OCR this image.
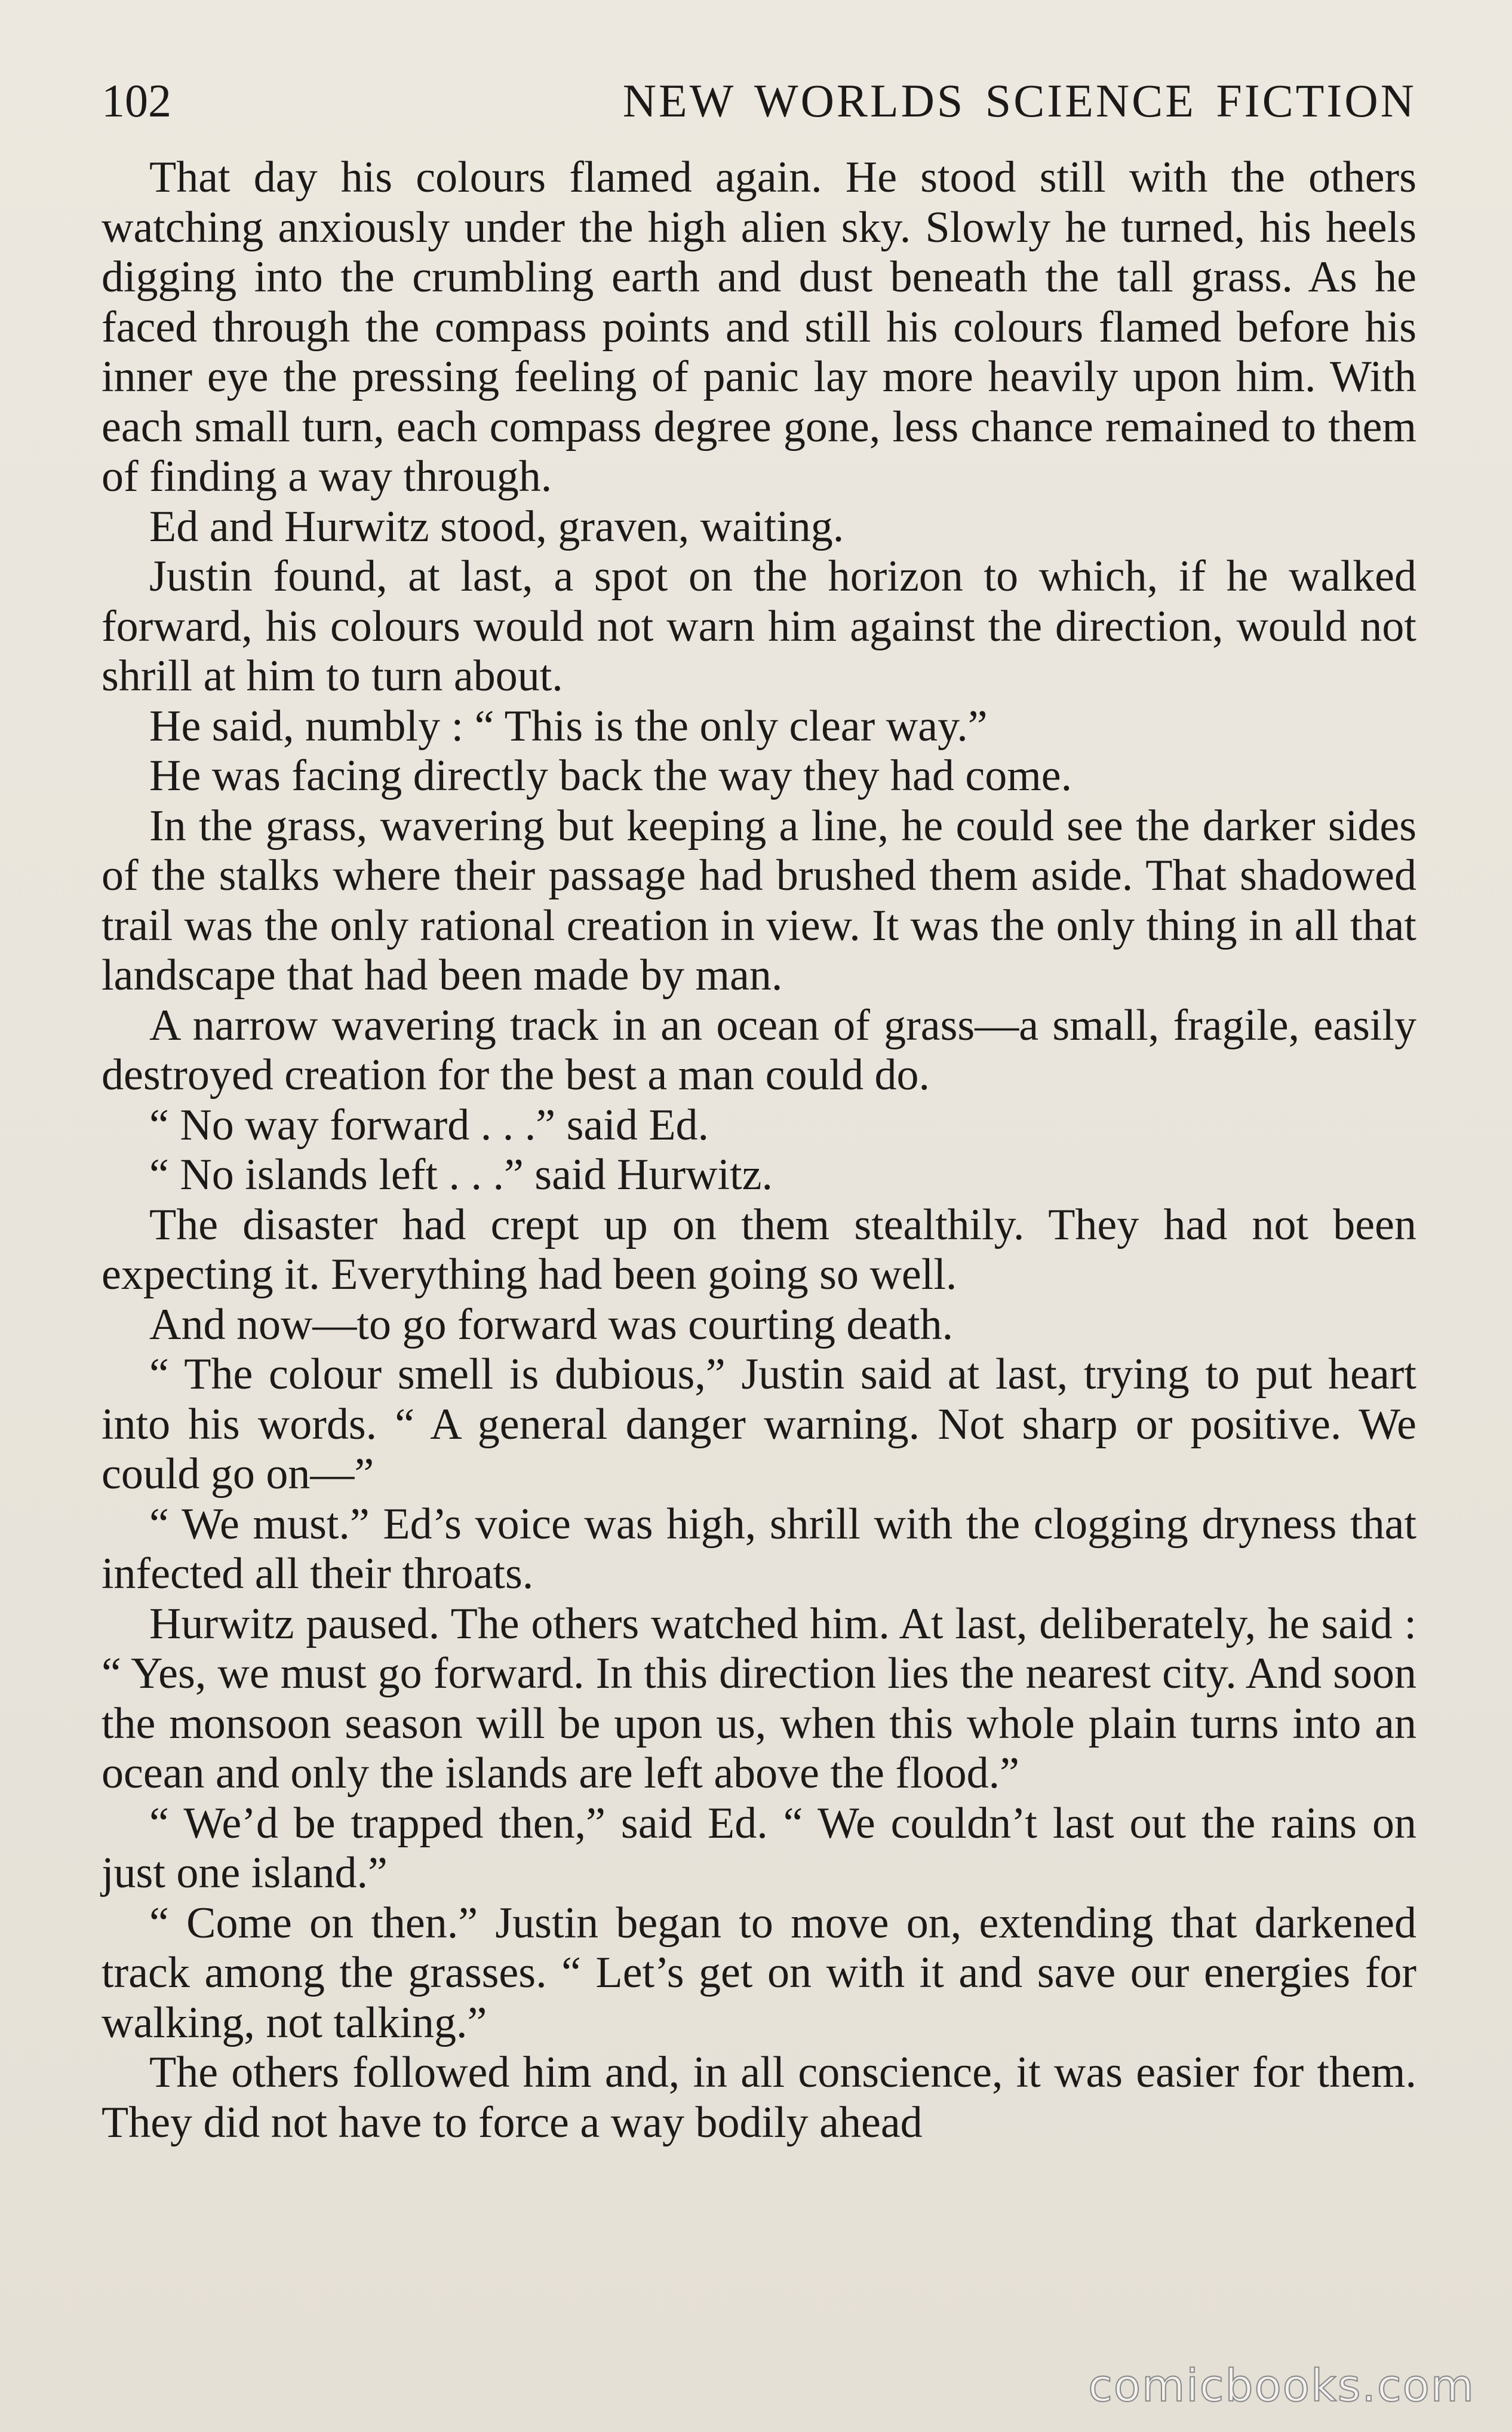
102	NEW WORLDS SCIENCE FICTION

That day his colours flamed again. He stood still with the others watching anxiously under the high alien sky. Slowly he turned, his heels digging into the crumbling earth and dust beneath the tall grass. As he faced through the compass points and still his colours flamed before his inner eye the pressing feeling of panic lay more heavily upon him. With each small turn, each compass degree gone, less chance remained to them of finding a way through.

Ed and Hurwitz stood, graven, waiting.

Justin found, at last, a spot on the horizon to which, if he walked forward, his colours would not warn him against the direction, would not shrill at him to turn about.

He said, numbly : “ This is the only clear way.”

He was facing directly back the way they had come.

In the grass, wavering but keeping a line, he could see the darker sides of the stalks where their passage had brushed them aside. That shadowed trail was the only rational creation in view. It was the only thing in all that landscape that had been made by man.

A narrow wavering track in an ocean of grass—a small, fragile, easily destroyed creation for the best a man could do.

“ No way forward . . .” said Ed.

“ No islands left . . .” said Hurwitz.

The disaster had crept up on them stealthily. They had not been expecting it. Everything had been going so well.

And now—to go forward was courting death.

“ The colour smell is dubious,” Justin said at last, trying to put heart into his words. “ A general danger warning. Not sharp or positive. We could go on—”

“ We must.” Ed’s voice was high, shrill with the clogging dryness that infected all their throats.

Hurwitz paused. The others watched him. At last, deliberately, he said : “ Yes, we must go forward. In this direction lies the nearest city. And soon the monsoon season will be upon us, when this whole plain turns into an ocean and only the islands are left above the flood.”

“ We’d be trapped then,” said Ed. “ We couldn’t last out the rains on just one island.”

“ Come on then.” Justin began to move on, extending that darkened track among the grasses. “ Let’s get on with it and save our energies for walking, not talking.”

The others followed him and, in all conscience, it was easier for them. They did not have to force a way bodily ahead

comicbooks.com
